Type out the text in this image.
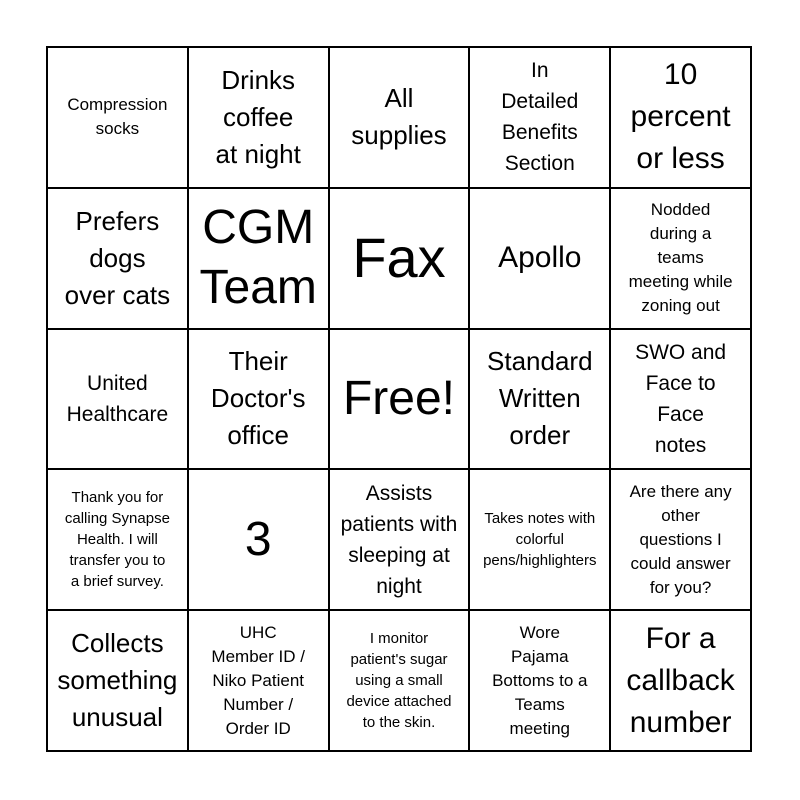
Compression
socks
Drinks
coffee
at night
All
supplies
In
Detailed
Benefits
Section
10
percent
or less
Prefers
dogs
over cats
CGM
Team Fax Apollo
Nodded
during a
teams
meeting while
zoning out
United
Healthcare
Their
Doctor's
office
Free!
Standard
Written
order
SWO and
Face to
Face
notes
Thank you for
calling Synapse
Health. I will
transfer you to
a brief survey.
3
Assists
patients with
sleeping at
night
Takes notes with
colorful
pens/highlighters
Are there any
other
questions I
could answer
for you?
Collects
something
unusual
UHC
Member ID /
Niko Patient
Number /
Order ID
I monitor
patient's sugar
using a small
device attached
to the skin.
Wore
Pajama
Bottoms to a
Teams
meeting
For a
callback
number
